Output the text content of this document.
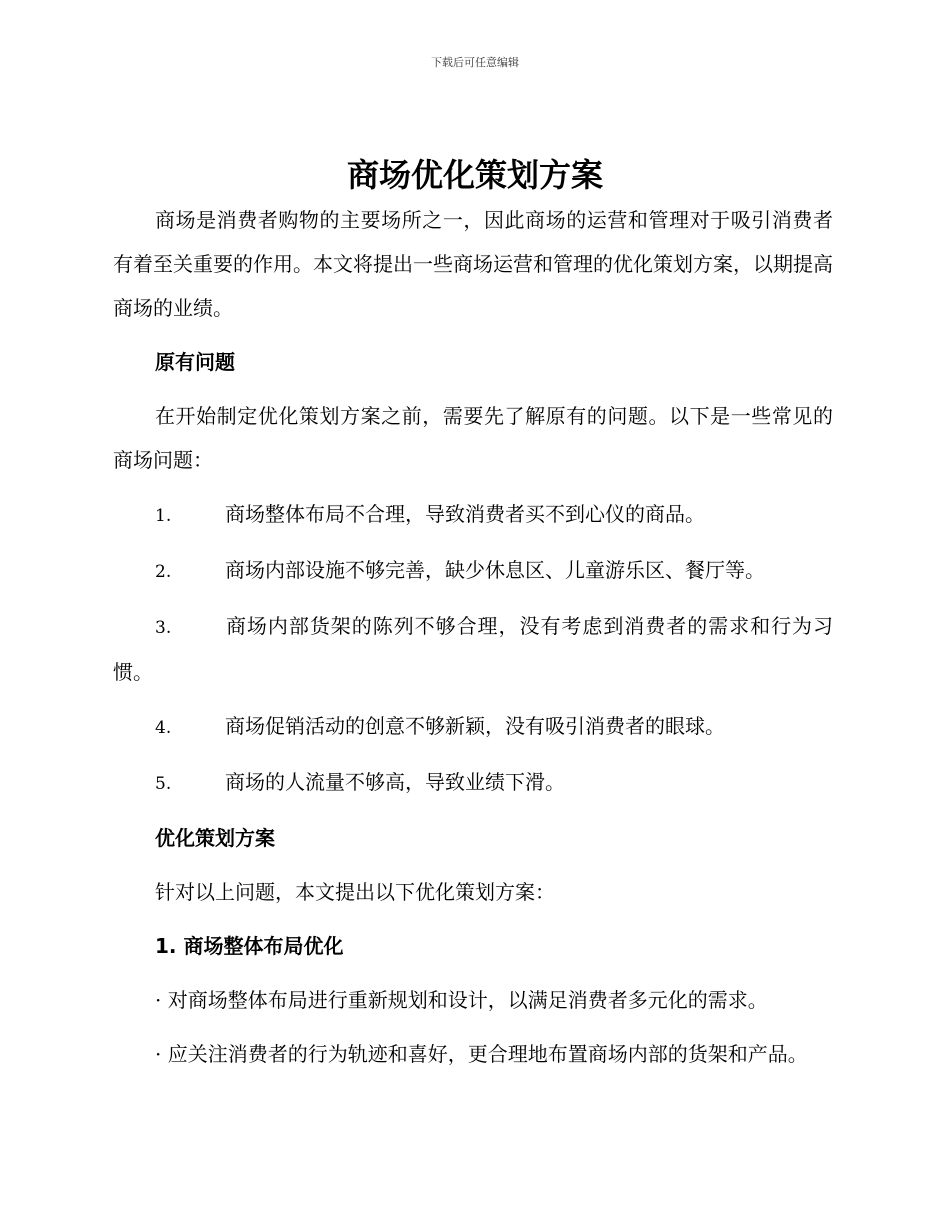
下载后可任意编辑
商场优化策划方案

商场是消费者购物的主要场所之一，因此商场的运营和管理对于吸引消费者有着至关重要的作用。本文将提出一些商场运营和管理的优化策划方案，以期提高商场的业绩。

原有问题

在开始制定优化策划方案之前，需要先了解原有的问题。以下是一些常见的商场问题：

1.	商场整体布局不合理，导致消费者买不到心仪的商品。

2.	商场内部设施不够完善，缺少休息区、儿童游乐区、餐厅等。

3.	商场内部货架的陈列不够合理，没有考虑到消费者的需求和行为习惯。

4.	商场促销活动的创意不够新颖，没有吸引消费者的眼球。

5.	商场的人流量不够高，导致业绩下滑。

优化策划方案

针对以上问题，本文提出以下优化策划方案：

1. 商场整体布局优化

· 对商场整体布局进行重新规划和设计，以满足消费者多元化的需求。

· 应关注消费者的行为轨迹和喜好，更合理地布置商场内部的货架和产品。
